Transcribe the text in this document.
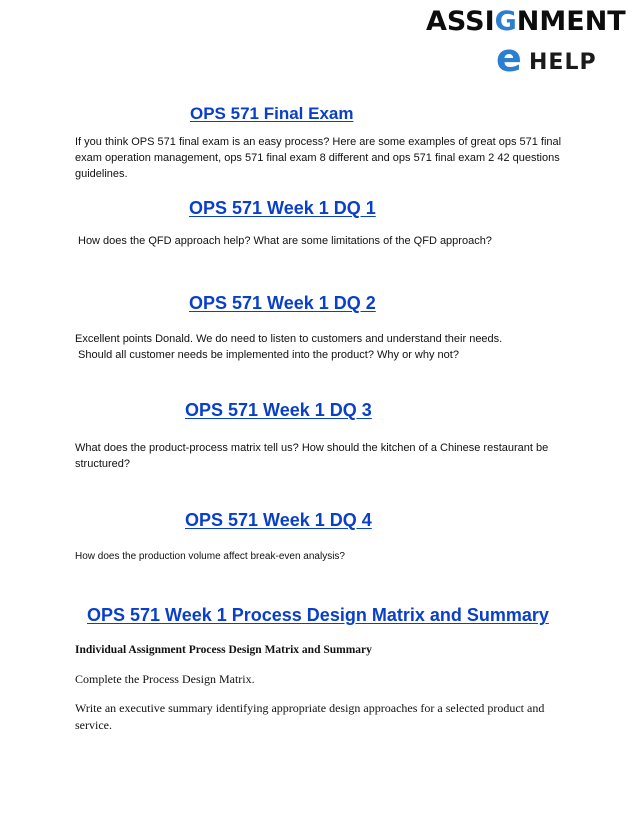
ASSIGNMENT
e HELP
OPS 571 Final Exam

If you think OPS 571 final exam is an easy process? Here are some examples of great ops 571 final exam operation management, ops 571 final exam 8 different and ops 571 final exam 2 42 questions guidelines.

OPS 571 Week 1 DQ 1

How does the QFD approach help? What are some limitations of the QFD approach?

OPS 571 Week 1 DQ 2

Excellent points Donald. We do need to listen to customers and understand their needs.

Should all customer needs be implemented into the product? Why or why not?

OPS 571 Week 1 DQ 3

What does the product-process matrix tell us? How should the kitchen of a Chinese restaurant be structured?

OPS 571 Week 1 DQ 4

How does the production volume affect break-even analysis?

OPS 571 Week 1 Process Design Matrix and Summary

Individual Assignment Process Design Matrix and Summary

Complete the Process Design Matrix.

Write an executive summary identifying appropriate design approaches for a selected product and service.
